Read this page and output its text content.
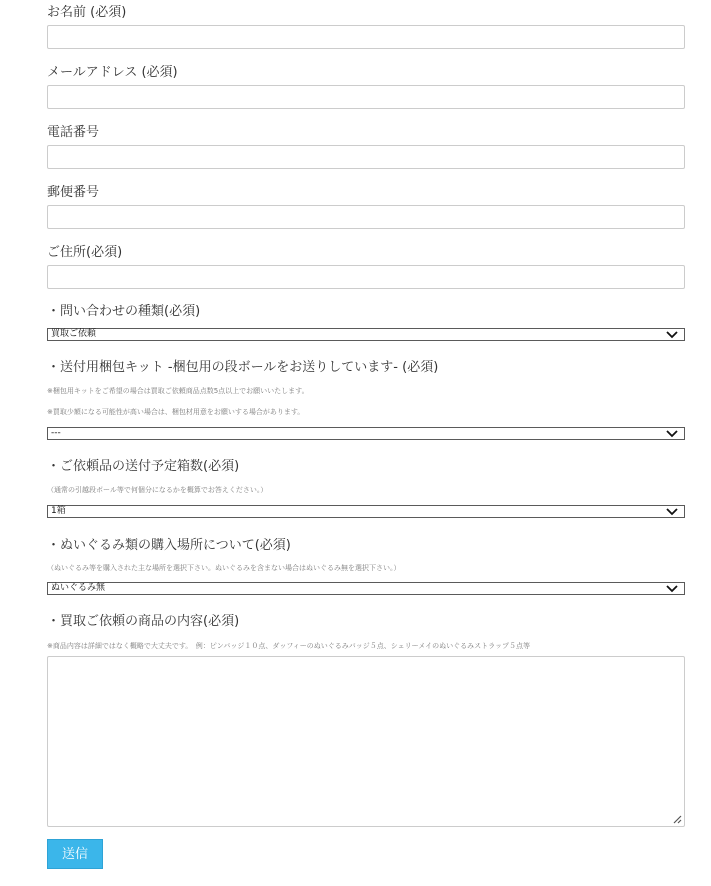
お名前 (必須)
メールアドレス (必須)
電話番号
郵便番号
ご住所(必須)
・問い合わせの種類(必須)
買取ご依頼
・送付用梱包キット -梱包用の段ボールをお送りしています- (必須)
※梱包用キットをご希望の場合は買取ご依頼商品点数5点以上でお願いいたします。
※買取少額になる可能性が高い場合は、梱包材用意をお願いする場合があります。
---
・ご依頼品の送付予定箱数(必須)
（通常の引越段ボール等で何個分になるかを概算でお答えください。）
1箱
・ぬいぐるみ類の購入場所について(必須)
（ぬいぐるみ等を購入された主な場所を選択下さい。ぬいぐるみを含まない場合はぬいぐるみ無を選択下さい。）
ぬいぐるみ無
・買取ご依頼の商品の内容(必須)
※商品内容は詳細ではなく概略で大丈夫です。　例：ピンバッジ１０点、ダッフィーのぬいぐるみバッジ５点、シェリーメイのぬいぐるみストラップ５点等
送信
